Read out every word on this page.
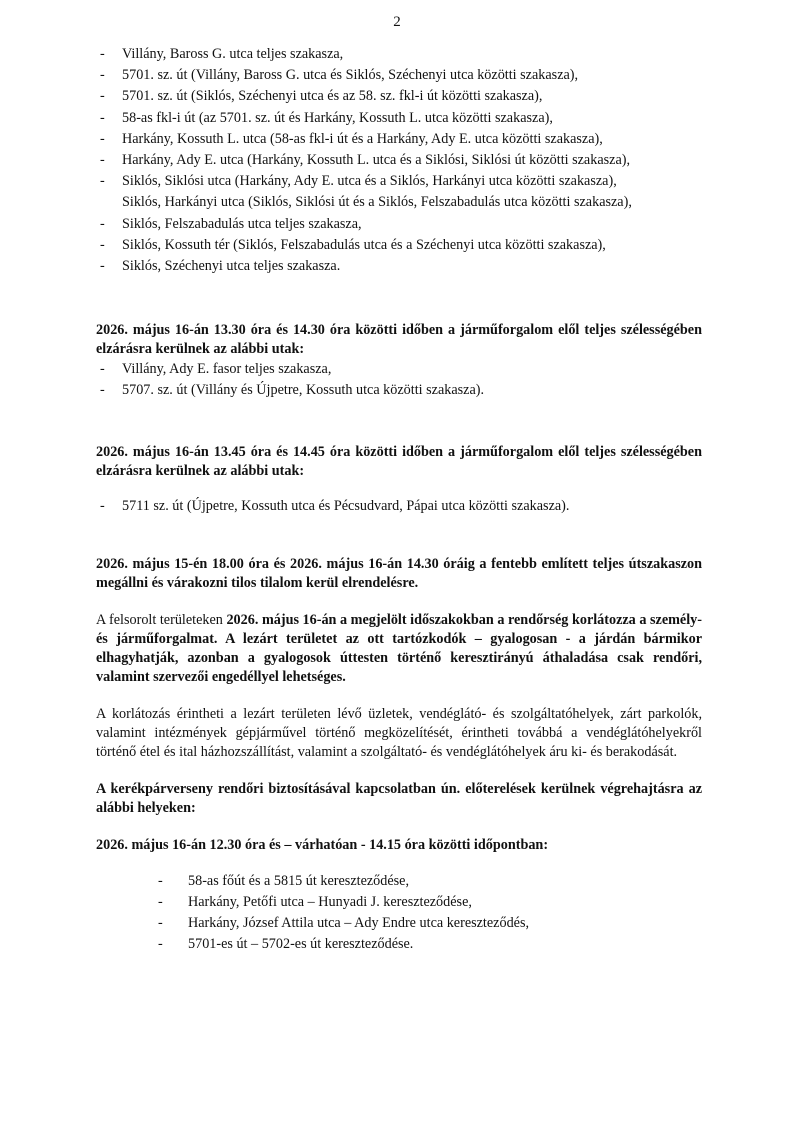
2
- Villány, Baross G. utca teljes szakasza,
- 5701. sz. út (Villány, Baross G. utca és Siklós, Széchenyi utca közötti szakasza),
- 5701. sz. út (Siklós, Széchenyi utca és az 58. sz. fkl-i út közötti szakasza),
- 58-as fkl-i út (az 5701. sz. út és Harkány, Kossuth L. utca közötti szakasza),
- Harkány, Kossuth L. utca (58-as fkl-i út és a Harkány, Ady E. utca közötti szakasza),
- Harkány, Ady E. utca (Harkány, Kossuth L. utca és a Siklósi, Siklósi út közötti szakasza),
- Siklós, Siklósi utca (Harkány, Ady E. utca és a Siklós, Harkányi utca közötti szakasza),
Siklós, Harkányi utca (Siklós, Siklósi út és a Siklós, Felszabadulás utca közötti szakasza),
- Siklós, Felszabadulás utca teljes szakasza,
- Siklós, Kossuth tér (Siklós, Felszabadulás utca és a Széchenyi utca közötti szakasza),
- Siklós, Széchenyi utca teljes szakasza.

2026. május 16-án 13.30 óra és 14.30 óra közötti időben a járműforgalom elől teljes szélességében elzárásra kerülnek az alábbi utak:

- Villány, Ady E. fasor teljes szakasza,
- 5707. sz. út (Villány és Újpetre, Kossuth utca közötti szakasza).

2026. május 16-án 13.45 óra és 14.45 óra közötti időben a járműforgalom elől teljes szélességében elzárásra kerülnek az alábbi utak:

- 5711 sz. út (Újpetre, Kossuth utca és Pécsudvard, Pápai utca közötti szakasza).

2026. május 15-én 18.00 óra és 2026. május 16-án 14.30 óráig a fentebb említett teljes útszakaszon megállni és várakozni tilos tilalom kerül elrendelésre.

A felsorolt területeken 2026. május 16-án a megjelölt időszakokban a rendőrség korlátozza a személy- és járműforgalmat. A lezárt területet az ott tartózkodók – gyalogosan - a járdán bármikor elhagyhatják, azonban a gyalogosok úttesten történő keresztirányú áthaladása csak rendőri, valamint szervezői engedéllyel lehetséges.

A korlátozás érintheti a lezárt területen lévő üzletek, vendéglátó- és szolgáltatóhelyek, zárt parkolók, valamint intézmények gépjárművel történő megközelítését, érintheti továbbá a vendéglátóhelyekről történő étel és ital házhozszállítást, valamint a szolgáltató- és vendéglátóhelyek áru ki- és berakodását.

A kerékpárverseny rendőri biztosításával kapcsolatban ún. előterelések kerülnek végrehajtásra az alábbi helyeken:

2026. május 16-án 12.30 óra és – várhatóan - 14.15 óra közötti időpontban:

- 58-as főút és a 5815 út kereszteződése,
- Harkány, Petőfi utca – Hunyadi J. kereszteződése,
- Harkány, József Attila utca – Ady Endre utca kereszteződés,
- 5701-es út – 5702-es út kereszteződése.
